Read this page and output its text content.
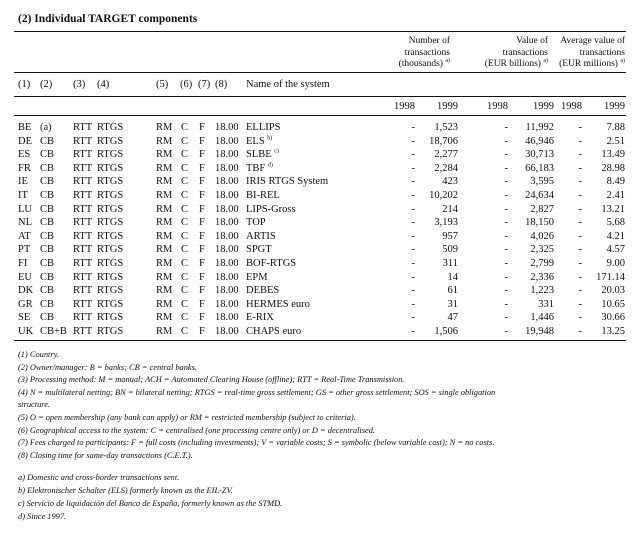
(2) Individual TARGET components
Number of
transactions
(thousands) $^{a)}$
Value of
transactions
(EUR billions) $^{a)}$
Average value of
transactions
(EUR millions) $^{a)}$
(1) (2) (3) (4)	(5) (6) (7) (8) Name of the system
1998 1999	1998 1999 1998 1999
BE (a) RTT RTGS	RM C F 18.00 ELLIPS	- 1,523	- 11,992 - 7.88
DE CB RTT RTGS	RM C F 18.00 ELS $^{b)}$	- 18,706	- 46,946 - 2.51
ES CB RTT RTGS	RM C F 18.00 SLBE $^{c)}$	- 2,277	- 30,713 - 13.49
FR CB RTT RTGS	RM C F 18.00 TBF $^{d)}$	- 2,284	- 66,183 - 28.98
IE CB RTT RTGS	RM C F 18.00 IRIS RTGS System	-	423	- 3,595 - 8.49
IT CB RTT RTGS	RM C F 18.00 BI-REL	- 10,202	- 24,634 - 2.41
LU CB RTT RTGS	RM C F 18.00 LIPS-Gross	-	214	- 2,827 - 13.21
NL CB RTT RTGS	RM C F 18.00 TOP	- 3,193	- 18,150 - 5.68
AT CB RTT RTGS	RM C F 18.00 ARTIS	-	957	- 4,026 - 4.21
PT CB RTT RTGS	RM C F 18.00 SPGT	-	509	- 2,325 - 4.57
FI CB RTT RTGS	RM C F 18.00 BOF-RTGS	-	311	- 2,799 - 9.00
EU CB RTT RTGS	RM C F 18.00 EPM	-	14	- 2,336 - 171.14
DK CB RTT RTGS	RM C F 18.00 DEBES	-	61	- 1,223 - 20.03
GR CB RTT RTGS	RM C F 18.00 HERMES euro	-	31	-	331 - 10.65
SE CB RTT RTGS	RM C F 18.00 E-RIX	-	47	- 1,446 - 30.66
UK CB+B RTT RTGS	RM C F 18.00 CHAPS euro	- 1,506	- 19,948 - 13.25
(1) Country.
(2) Owner/manager: B = banks; CB = central banks.
(3) Processing method: M = manual; ACH = Automated Clearing House (offline); RTT = Real-Time Transmission.
(4) N = multilateral netting; BN = bilateral netting; RTGS = real-time gross settlement; GS = other gross settlement; SOS = single obligation
structure.
(5) O = open membership (any bank can apply) or RM = restricted membership (subject to criteria).
(6) Geographical access to the system: C = centralised (one processing centre only) or D = decentralised.
(7) Fees charged to participants: F = full costs (including investments); V = variable costs; S = symbolic (below variable cost); N = no costs.
(8) Closing time for same-day transactions (C.E.T.).
a) Domestic and cross-border transactions sent.
b) Elektronischer Schalter (ELS) formerly known as the EIL-ZV.
c) Servicio de liquidación del Banco de España, formerly known as the STMD.
d) Since 1997.
